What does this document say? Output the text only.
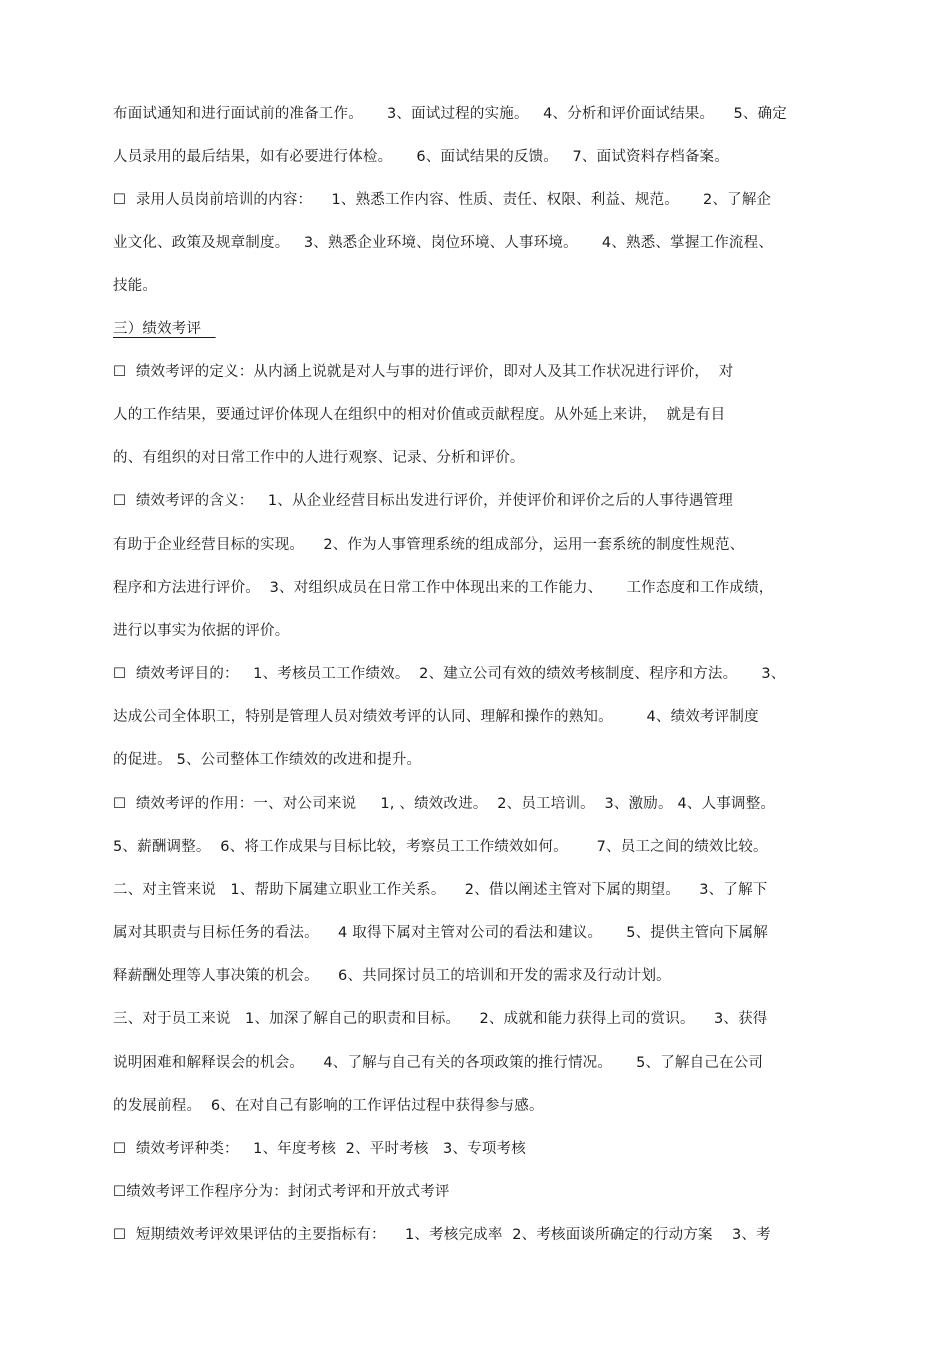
布面试通知和进行面试前的准备工作。     3、面试过程的实施。   4、分析和评价面试结果。    5、确定
人员录用的最后结果，如有必要进行体检。     6、面试结果的反馈。   7、面试资料存档备案。
☐  录用人员岗前培训的内容：    1、熟悉工作内容、性质、责任、权限、利益、规范。     2、了解企
业文化、政策及规章制度。   3、熟悉企业环境、岗位环境、人事环境。     4、熟悉、掌握工作流程、
技能。
三）绩效考评
☐  绩效考评的定义：从内涵上说就是对人与事的进行评价，即对人及其工作状况进行评价，  对
人的工作结果，要通过评价体现人在组织中的相对价值或贡献程度。从外延上来讲，  就是有目
的、有组织的对日常工作中的人进行观察、记录、分析和评价。
☐  绩效考评的含义：   1、从企业经营目标出发进行评价，并使评价和评价之后的人事待遇管理
有助于企业经营目标的实现。    2、作为人事管理系统的组成部分，运用一套系统的制度性规范、
程序和方法进行评价。  3、对组织成员在日常工作中体现出来的工作能力、     工作态度和工作成绩，
进行以事实为依据的评价。
☐  绩效考评目的：   1、考核员工工作绩效。  2、建立公司有效的绩效考核制度、程序和方法。     3、
达成公司全体职工，特别是管理人员对绩效考评的认同、理解和操作的熟知。       4、绩效考评制度
的促进。 5、公司整体工作绩效的改进和提升。
☐  绩效考评的作用：一、对公司来说     1, 、绩效改进。  2、员工培训。  3、激励。 4、人事调整。
5、薪酬调整。  6、将工作成果与目标比较，考察员工工作绩效如何。      7、员工之间的绩效比较。
二、对主管来说   1、帮助下属建立职业工作关系。    2、借以阐述主管对下属的期望。    3、了解下
属对其职责与目标任务的看法。    4 取得下属对主管对公司的看法和建议。     5、提供主管向下属解
释薪酬处理等人事决策的机会。    6、共同探讨员工的培训和开发的需求及行动计划。
三、对于员工来说   1、加深了解自己的职责和目标。    2、成就和能力获得上司的赏识。    3、获得
说明困难和解释误会的机会。    4、了解与自己有关的各项政策的推行情况。     5、了解自己在公司
的发展前程。  6、在对自己有影响的工作评估过程中获得参与感。
☐  绩效考评种类：   1、年度考核  2、平时考核   3、专项考核
☐绩效考评工作程序分为：封闭式考评和开放式考评
☐  短期绩效考评效果评估的主要指标有：    1、考核完成率  2、考核面谈所确定的行动方案    3、考
